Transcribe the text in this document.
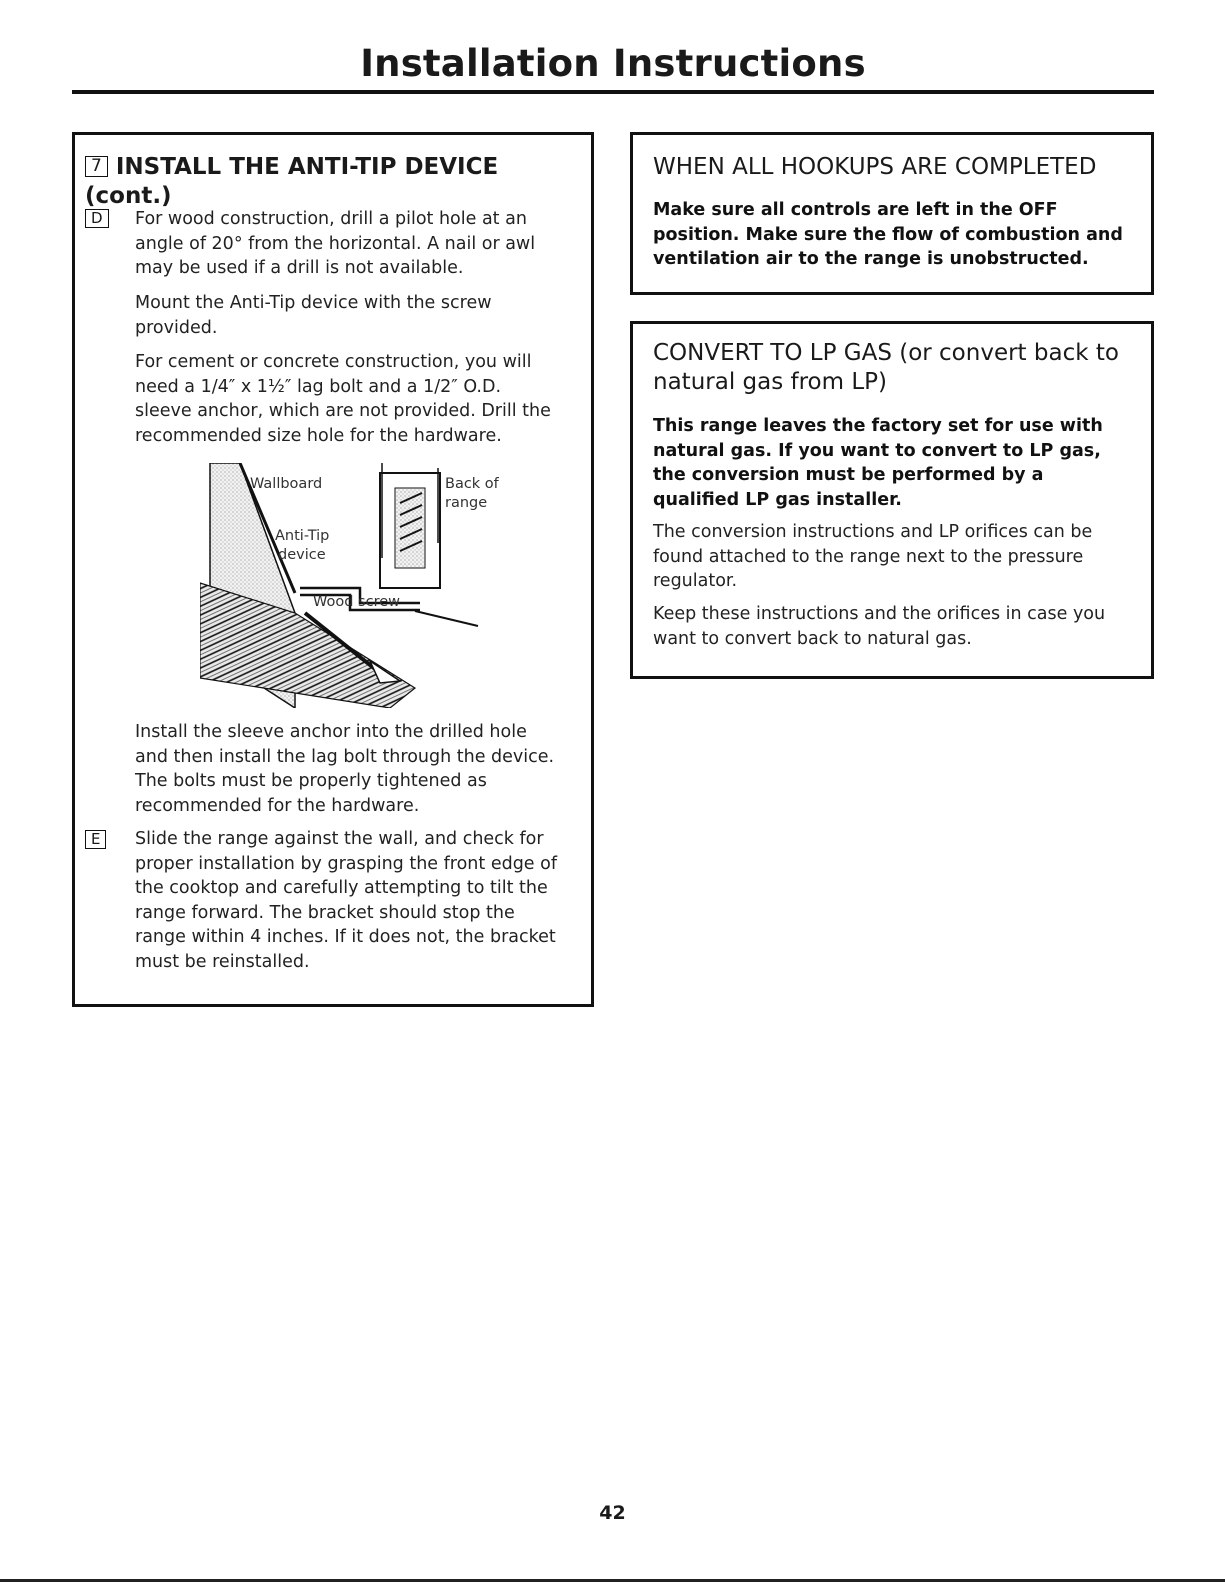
Installation Instructions
7 INSTALL THE ANTI-TIP DEVICE (cont.)
D	For wood construction, drill a pilot hole at an angle of 20° from the horizontal. A nail or awl may be used if a drill is not available.

Mount the Anti-Tip device with the screw provided.

For cement or concrete construction, you will need a 1/4″ x 1½″ lag bolt and a 1/2″ O.D. sleeve anchor, which are not provided. Drill the recommended size hole for the hardware.

Wallboard	Back of
range
Anti-Tip
device
Wood screw

Install the sleeve anchor into the drilled hole and then install the lag bolt through the device. The bolts must be properly tightened as recommended for the hardware.

E	Slide the range against the wall, and check for proper installation by grasping the front edge of the cooktop and carefully attempting to tilt the range forward. The bracket should stop the range within 4 inches. If it does not, the bracket must be reinstalled.

WHEN ALL HOOKUPS ARE COMPLETED

Make sure all controls are left in the OFF position. Make sure the flow of combustion and ventilation air to the range is unobstructed.

CONVERT TO LP GAS (or convert back to natural gas from LP)

This range leaves the factory set for use with natural gas. If you want to convert to LP gas, the conversion must be performed by a qualified LP gas installer.

The conversion instructions and LP orifices can be found attached to the range next to the pressure regulator.

Keep these instructions and the orifices in case you want to convert back to natural gas.

42
